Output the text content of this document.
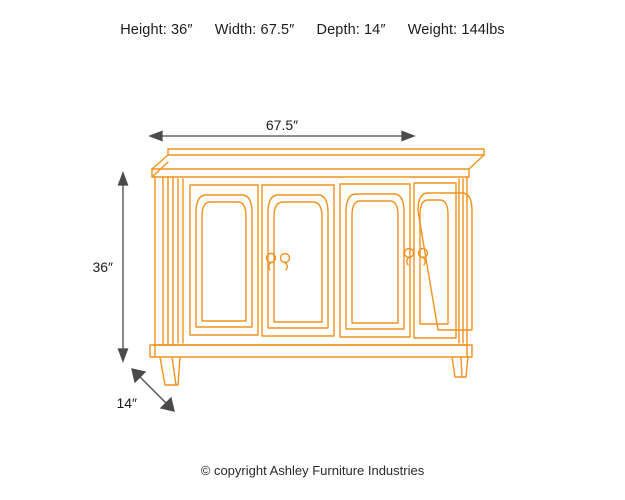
Height: 36″ Width: 67.5″ Depth: 14″ Weight: 144lbs
67.5″
36″
14″
© copyright Ashley Furniture Industries
